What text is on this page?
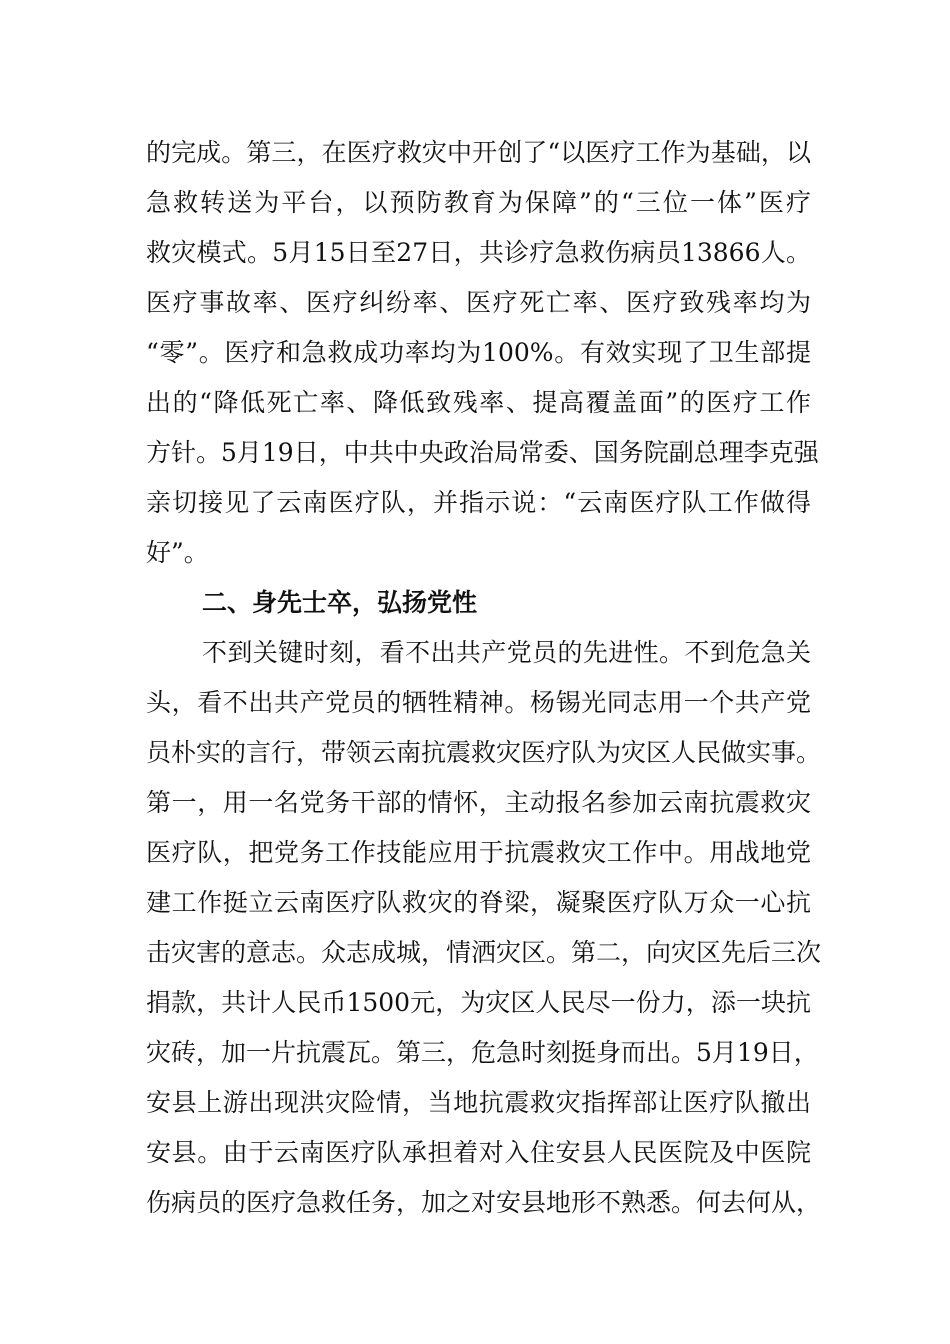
的完成。第三，在医疗救灾中开创了“以医疗工作为基础，以
急救转送为平台，以预防教育为保障”的“三位一体”医疗
救灾模式。5月15日至27日，共诊疗急救伤病员13866人。
医疗事故率、医疗纠纷率、医疗死亡率、医疗致残率均为
“零”。医疗和急救成功率均为100%。有效实现了卫生部提
出的“降低死亡率、降低致残率、提高覆盖面”的医疗工作
方针。5月19日，中共中央政治局常委、国务院副总理李克强
亲切接见了云南医疗队，并指示说：“云南医疗队工作做得
好”。
二、身先士卒，弘扬党性
不到关键时刻，看不出共产党员的先进性。不到危急关
头，看不出共产党员的牺牲精神。杨锡光同志用一个共产党
员朴实的言行，带领云南抗震救灾医疗队为灾区人民做实事。
第一，用一名党务干部的情怀，主动报名参加云南抗震救灾
医疗队，把党务工作技能应用于抗震救灾工作中。用战地党
建工作挺立云南医疗队救灾的脊梁，凝聚医疗队万众一心抗
击灾害的意志。众志成城，情洒灾区。第二，向灾区先后三次
捐款，共计人民币1500元，为灾区人民尽一份力，添一块抗
灾砖，加一片抗震瓦。第三，危急时刻挺身而出。5月19日，
安县上游出现洪灾险情，当地抗震救灾指挥部让医疗队撤出
安县。由于云南医疗队承担着对入住安县人民医院及中医院
伤病员的医疗急救任务，加之对安县地形不熟悉。何去何从，
